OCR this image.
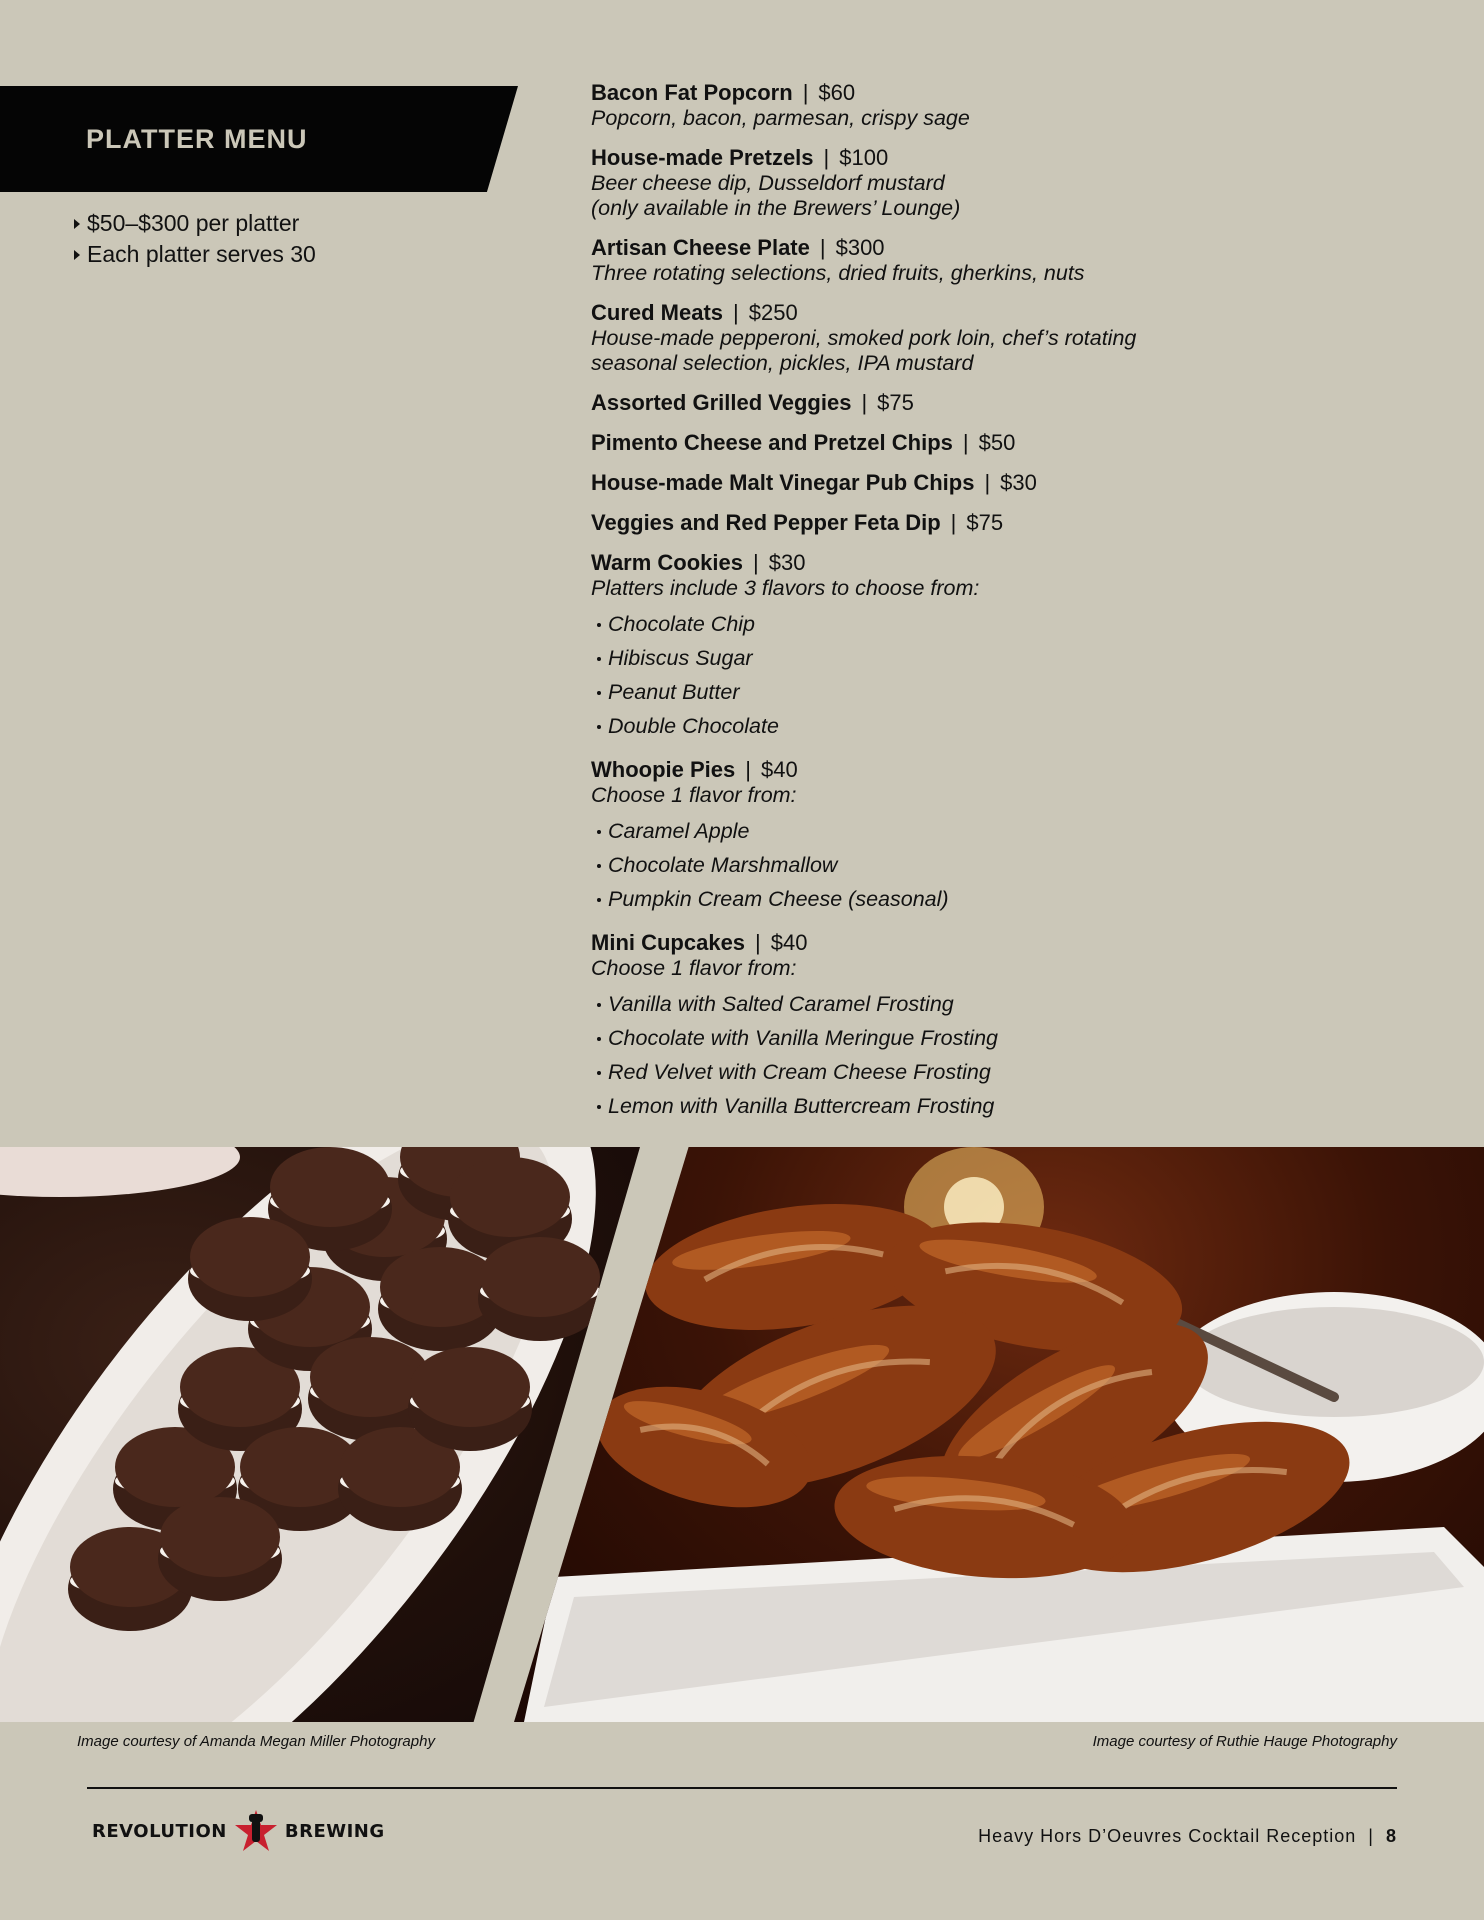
PLATTER MENU
$50–$300 per platter
Each platter serves 30
Bacon Fat Popcorn | $60
Popcorn, bacon, parmesan, crispy sage
House-made Pretzels | $100
Beer cheese dip, Dusseldorf mustard
(only available in the Brewers’ Lounge)
Artisan Cheese Plate | $300
Three rotating selections, dried fruits, gherkins, nuts
Cured Meats | $250
House-made pepperoni, smoked pork loin, chef’s rotating
seasonal selection, pickles, IPA mustard
Assorted Grilled Veggies | $75
Pimento Cheese and Pretzel Chips | $50
House-made Malt Vinegar Pub Chips | $30
Veggies and Red Pepper Feta Dip | $75
Warm Cookies | $30
Platters include 3 flavors to choose from:
Chocolate Chip
Hibiscus Sugar
Peanut Butter
Double Chocolate
Whoopie Pies | $40
Choose 1 flavor from:
Caramel Apple
Chocolate Marshmallow
Pumpkin Cream Cheese (seasonal)
Mini Cupcakes | $40
Choose 1 flavor from:
Vanilla with Salted Caramel Frosting
Chocolate with Vanilla Meringue Frosting
Red Velvet with Cream Cheese Frosting
Lemon with Vanilla Buttercream Frosting
Image courtesy of Amanda Megan Miller Photography	Image courtesy of Ruthie Hauge Photography
REVOLUTION	BREWING	Heavy Hors D’Oeuvres Cocktail Reception | 8
